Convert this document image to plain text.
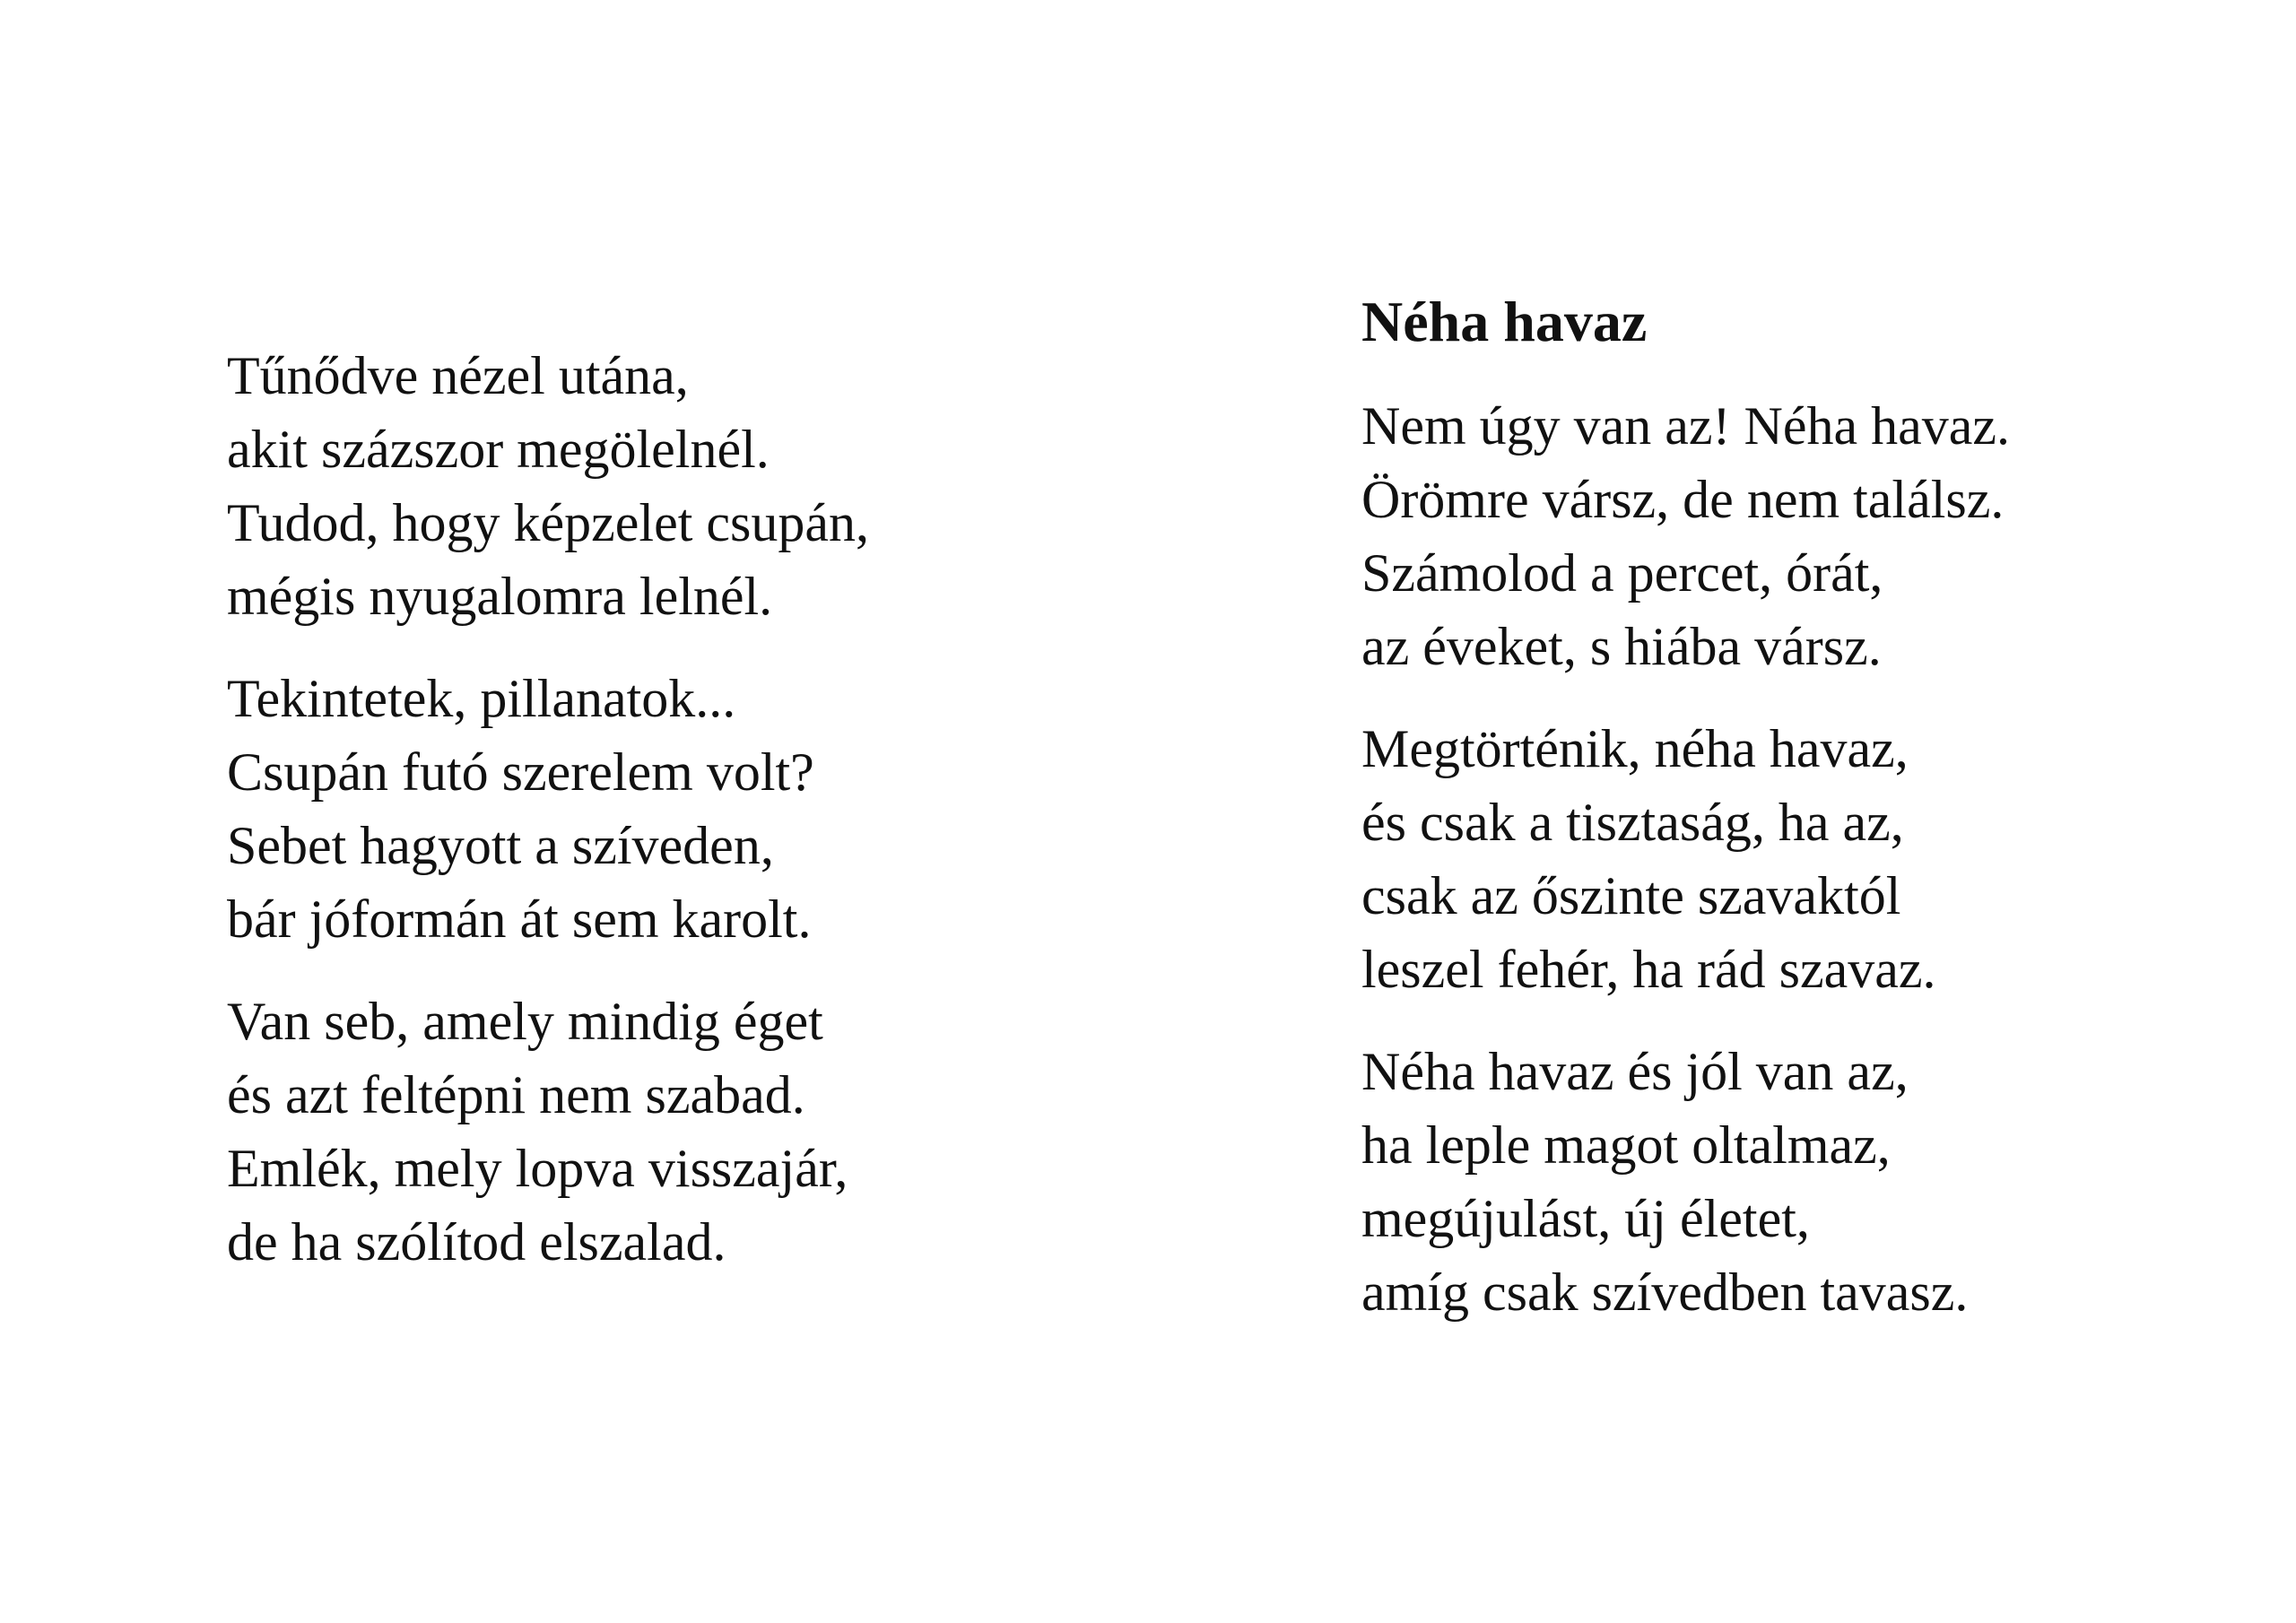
Tűnődve nézel utána,
akit százszor megölelnél.
Tudod, hogy képzelet csupán,
mégis nyugalomra lelnél.
Tekintetek, pillanatok...
Csupán futó szerelem volt?
Sebet hagyott a szíveden,
bár jóformán át sem karolt.
Van seb, amely mindig éget
és azt feltépni nem szabad.
Emlék, mely lopva visszajár,
de ha szólítod elszalad.
Néha havaz
Nem úgy van az! Néha havaz.
Örömre vársz, de nem találsz.
Számolod a percet, órát,
az éveket, s hiába vársz.
Megtörténik, néha havaz,
és csak a tisztaság, ha az,
csak az őszinte szavaktól
leszel fehér, ha rád szavaz.
Néha havaz és jól van az,
ha leple magot oltalmaz,
megújulást, új életet,
amíg csak szívedben tavasz.
